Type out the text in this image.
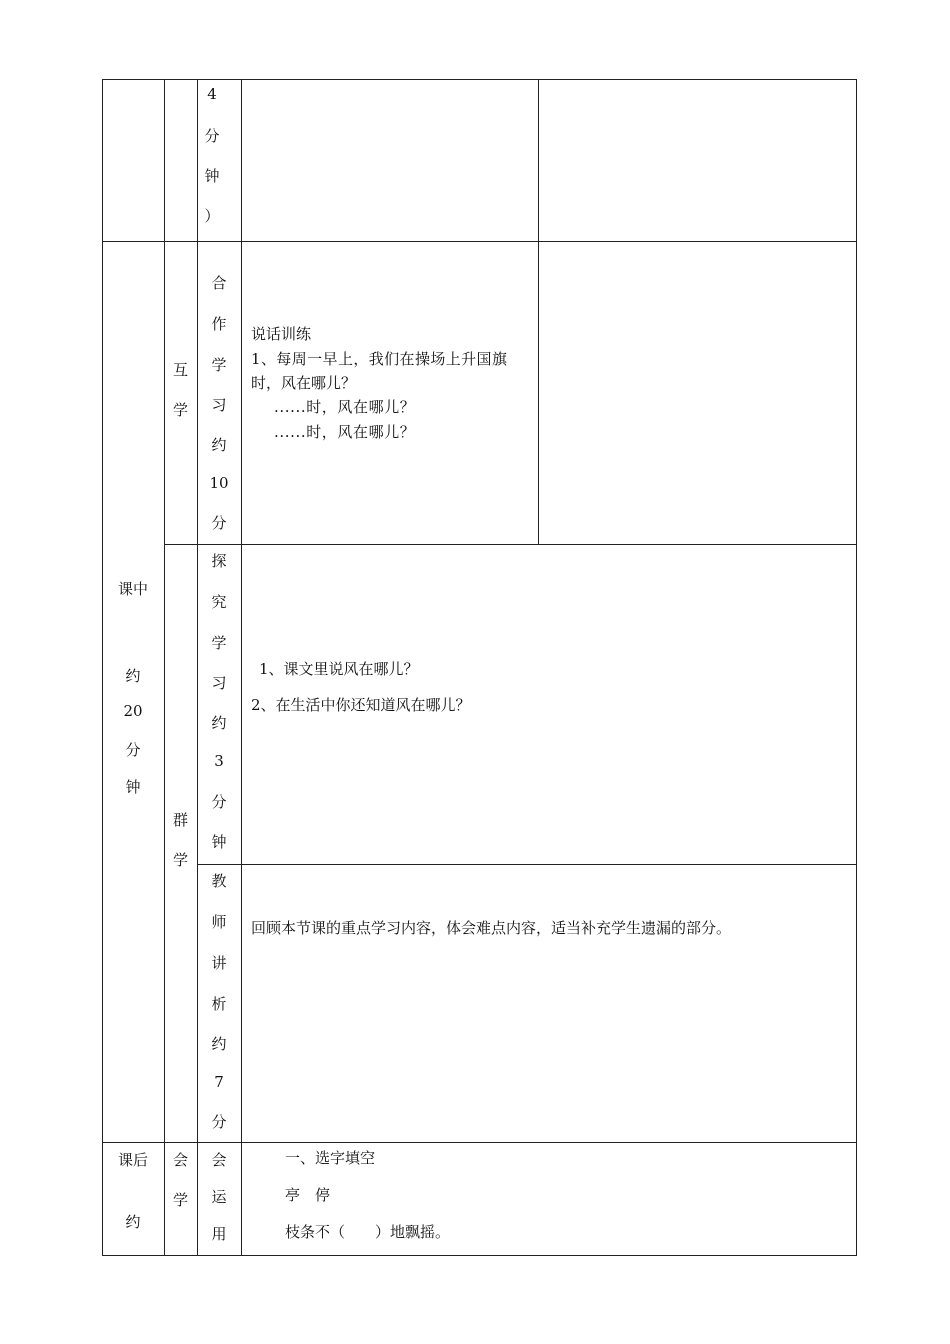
4
分
钟
）
课中
约
20
分
钟
互
学
合
作
学
习
约
10
分
说话训练
1、每周一早上，我们在操场上升国旗
时，风在哪儿？
......时，风在哪儿？
......时，风在哪儿？
群
学
探
究
学
习
约
3
分
钟
1、课文里说风在哪儿？
2、在生活中你还知道风在哪儿？
教
师
讲
析
约
7
分
回顾本节课的重点学习内容，体会难点内容，适当补充学生遗漏的部分。
课后
约
会
学
会
运
用
一、选字填空
亭　停
枝条不（　　）地飘摇。
